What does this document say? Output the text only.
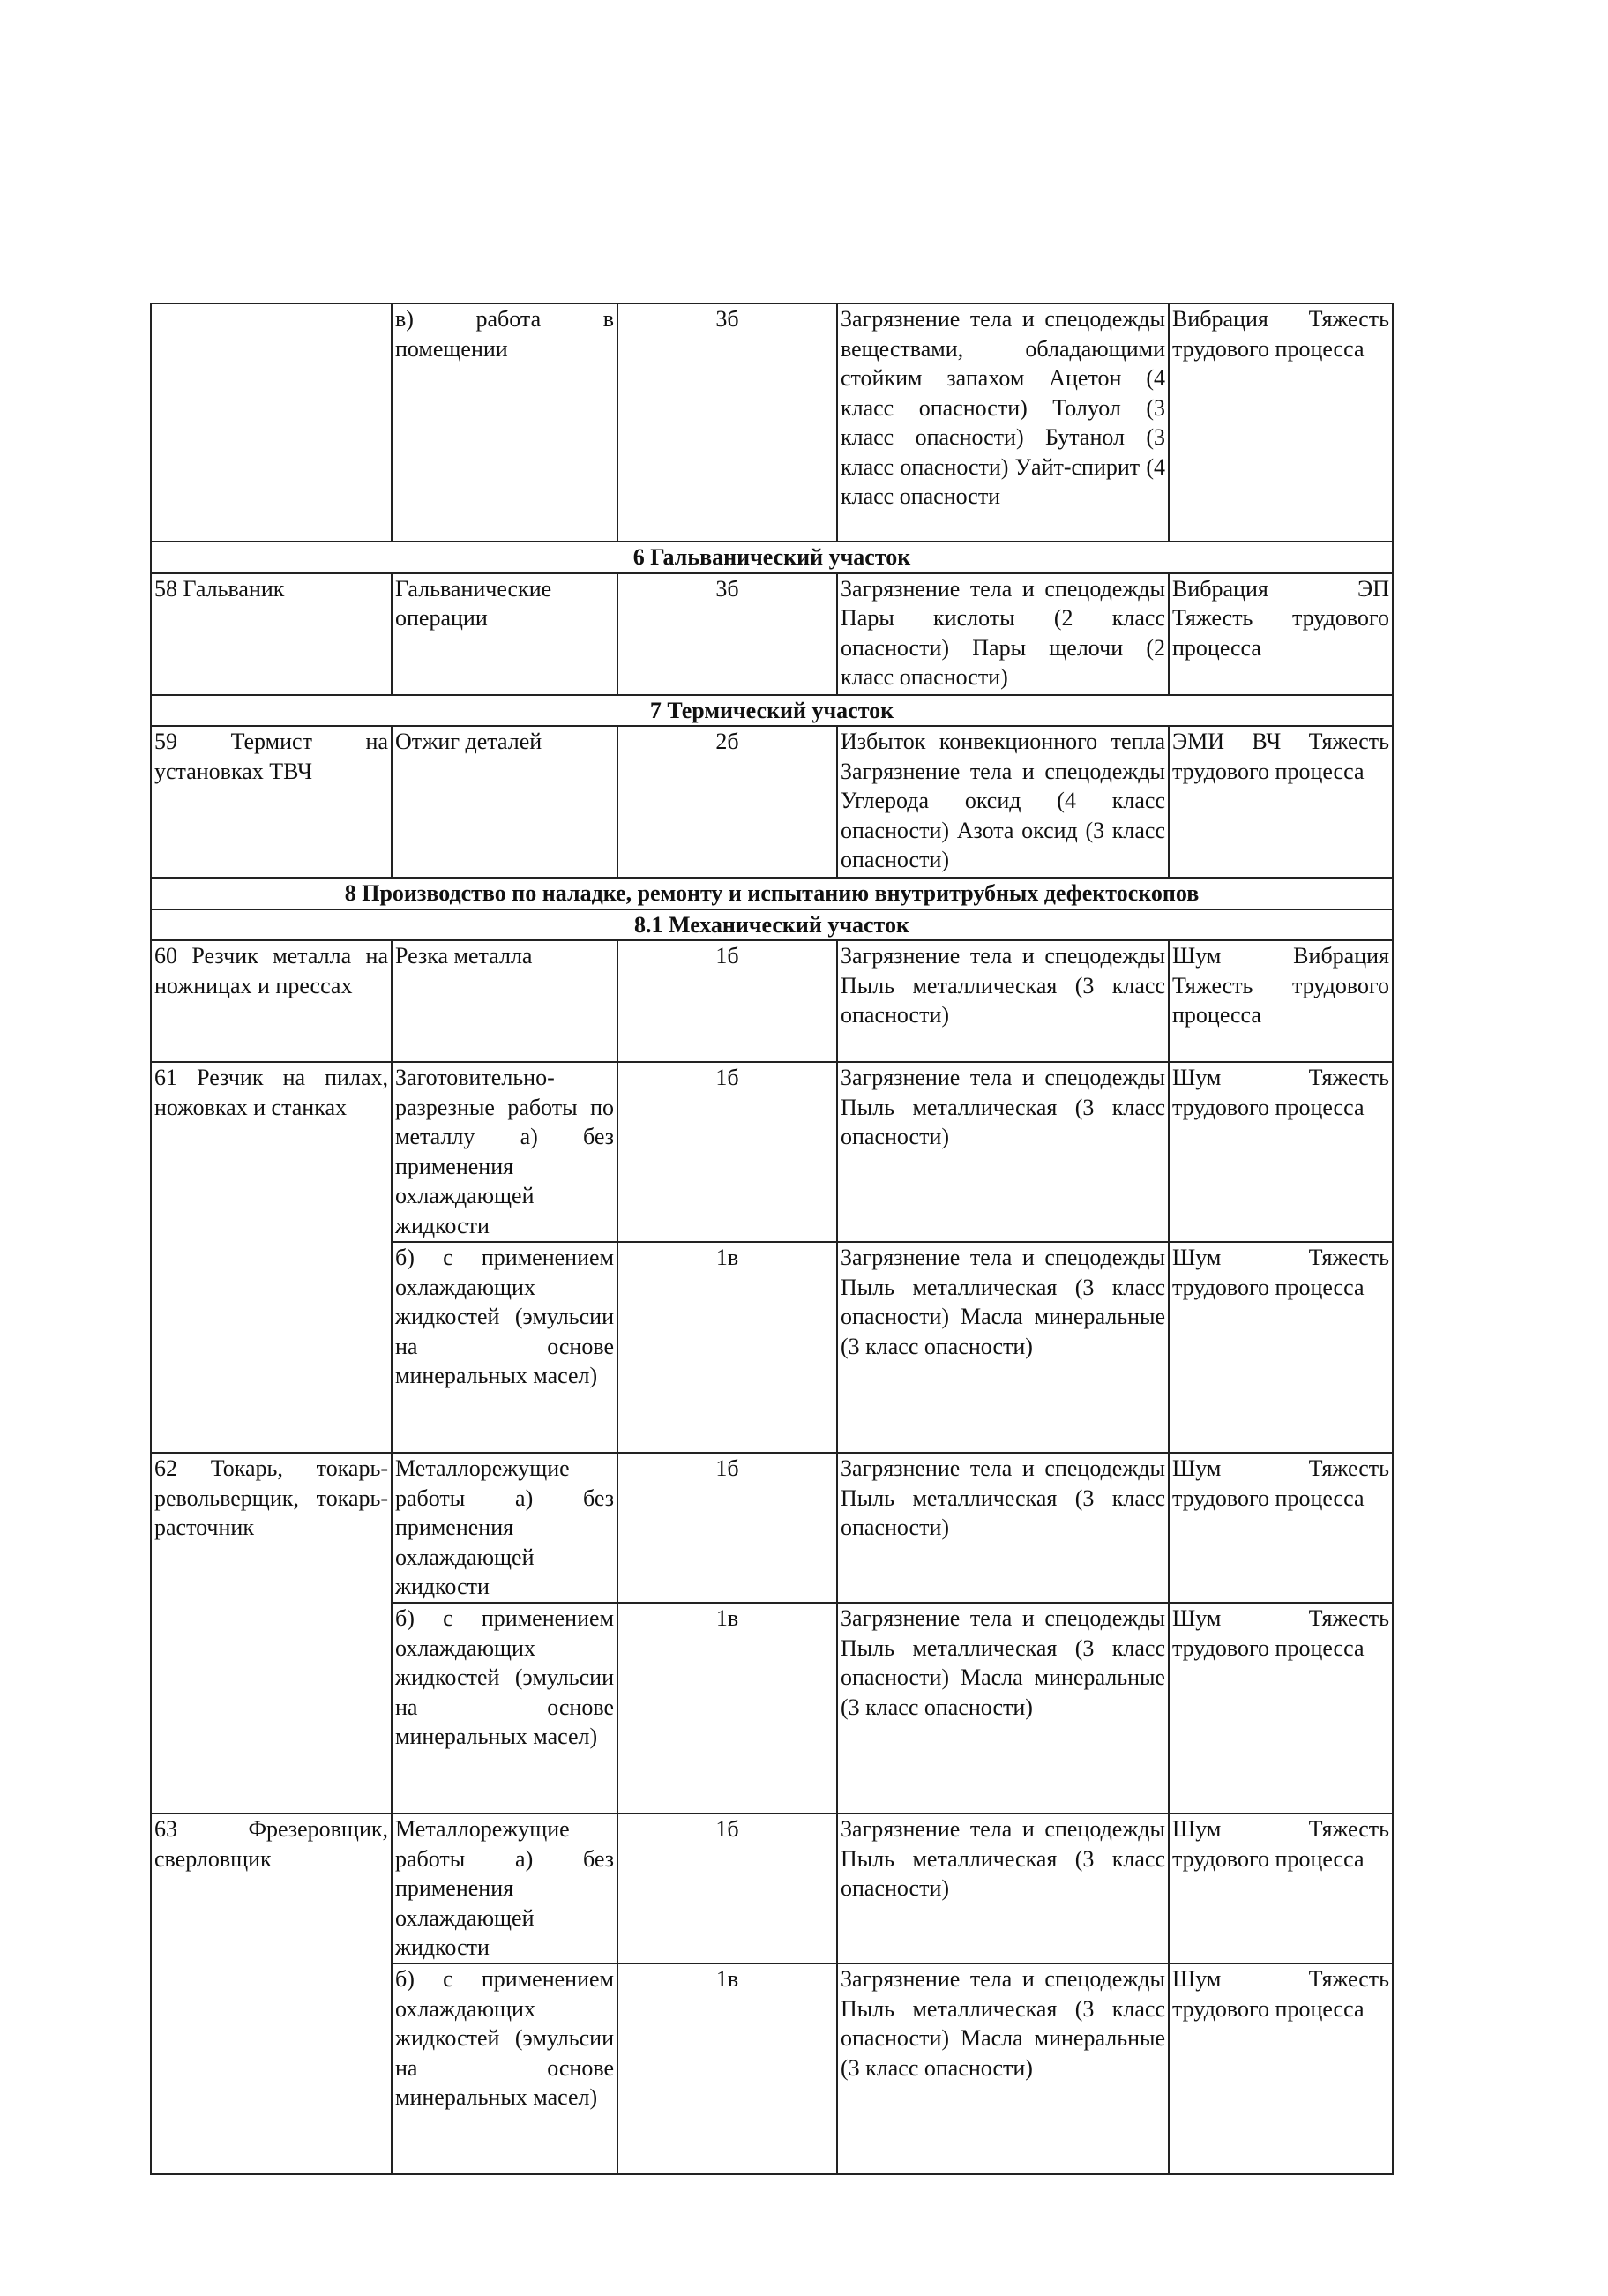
	в) работа в помещении	3б	Загрязнение тела и спецодежды веществами, обладающими стойким запахом Ацетон (4 класс опасности) Толуол (3 класс опасности) Бутанол (3 класс опасности) Уайт-спирит (4 класс опасности	Вибрация Тяжесть трудового процесса
6 Гальванический участок				
58 Гальваник	Гальванические операции	3б	Загрязнение тела и спецодежды Пары кислоты (2 класс опасности) Пары щелочи (2 класс опасности)	Вибрация ЭП Тяжесть трудового процесса
7 Термический участок				
59 Термист на установках ТВЧ	Отжиг деталей	2б	Избыток конвекционного тепла Загрязнение тела и спецодежды Углерода оксид (4 класс опасности) Азота оксид (3 класс опасности)	ЭМИ ВЧ Тяжесть трудового процесса
8 Производство по наладке, ремонту и испытанию внутритрубных дефектоскопов				
8.1 Механический участок				
60 Резчик металла на ножницах и прессах	Резка металла	1б	Загрязнение тела и спецодежды Пыль металлическая (3 класс опасности)	Шум Вибрация Тяжесть трудового процесса
61 Резчик на пилах, ножовках и станках	Заготовительно-разрезные работы по металлу а) без применения охлаждающей жидкости	1б	Загрязнение тела и спецодежды Пыль металлическая (3 класс опасности)	Шум Тяжесть трудового процесса
	б) с применением охлаждающих жидкостей (эмульсии на основе минеральных масел)	1в	Загрязнение тела и спецодежды Пыль металлическая (3 класс опасности) Масла минеральные (3 класс опасности)	Шум Тяжесть трудового процесса
62 Токарь, токарь-револьверщик, токарь-расточник	Металлорежущие работы а) без применения охлаждающей жидкости	1б	Загрязнение тела и спецодежды Пыль металлическая (3 класс опасности)	Шум Тяжесть трудового процесса
	б) с применением охлаждающих жидкостей (эмульсии на основе минеральных масел)	1в	Загрязнение тела и спецодежды Пыль металлическая (3 класс опасности) Масла минеральные (3 класс опасности)	Шум Тяжесть трудового процесса
63 Фрезеровщик, сверловщик	Металлорежущие работы а) без применения охлаждающей жидкости	1б	Загрязнение тела и спецодежды Пыль металлическая (3 класс опасности)	Шум Тяжесть трудового процесса
	б) с применением охлаждающих жидкостей (эмульсии на основе минеральных масел)	1в	Загрязнение тела и спецодежды Пыль металлическая (3 класс опасности) Масла минеральные (3 класс опасности)	Шум Тяжесть трудового процесса
